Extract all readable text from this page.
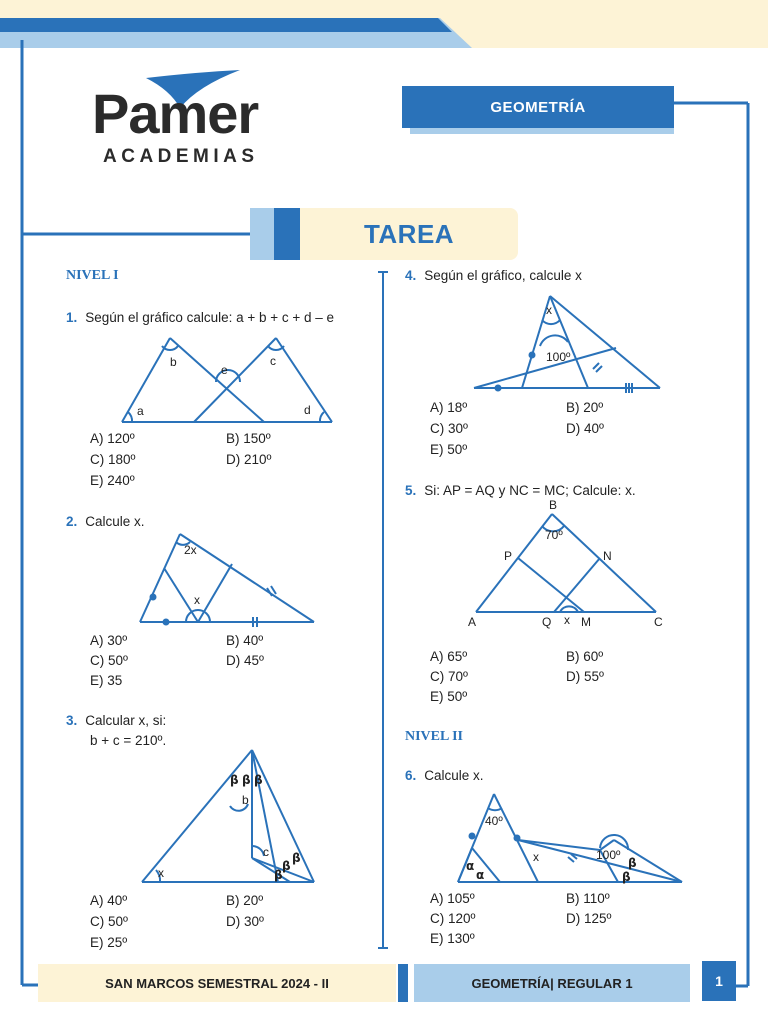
Pamer
ACADEMIAS
GEOMETRÍA
TAREA
NIVEL I
1. Según el gráfico calcule: a + b + c + d – e
a
b
e
c
d
A) 120º	B) 150º
C) 180º	D) 210º
E) 240º
2. Calcule x.
2x
x
A) 30º	B) 40º
C) 50º	D) 45º
E) 35
3. Calcular x, si:
b + c = 210º.
β β β
b
c
β
β
β
x
A) 40º	B) 20º
C) 50º	D) 30º
E) 25º
4. Según el gráfico, calcule x
x
100º
A) 18º	B) 20º
C) 30º	D) 40º
E) 50º
5. Si: AP = AQ y NC = MC; Calcule: x.
B
70º
P	N
A	Q x M	C
A) 65º	B) 60º
C) 70º	D) 55º
E) 50º
NIVEL II
6. Calcule x.
40º
α
α
x	100º
β
β
A) 105º	B) 110º
C) 120º	D) 125º
E) 130º
SAN MARCOS SEMESTRAL 2024 - II	GEOMETRÍA| REGULAR 1	1
